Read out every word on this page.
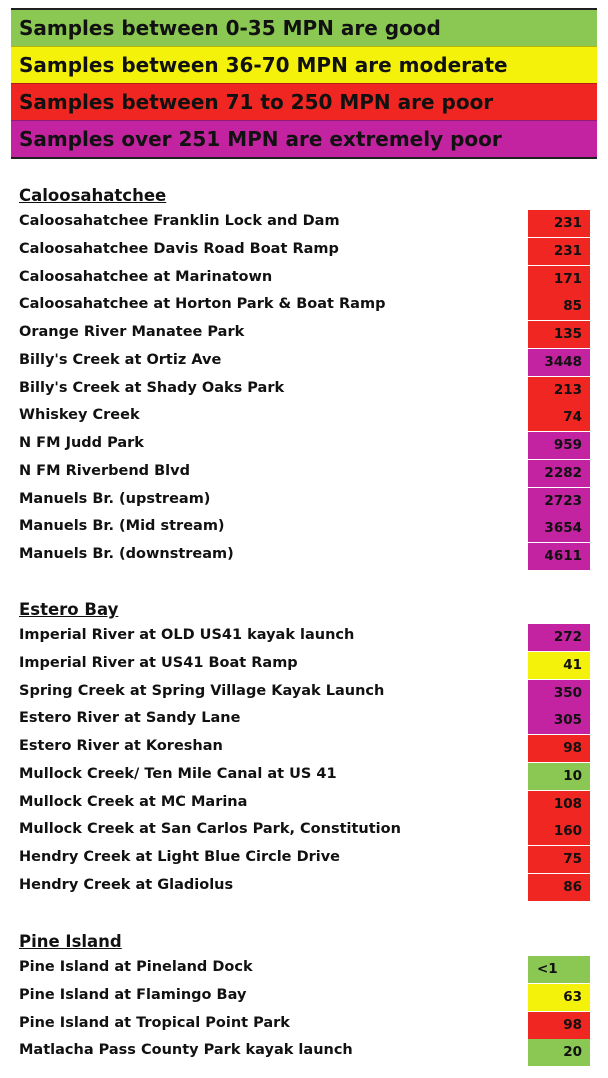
Samples between 0-35 MPN are good
Samples between 36-70 MPN are moderate
Samples between 71 to 250 MPN are poor
Samples over 251 MPN are extremely poor
Caloosahatchee
Caloosahatchee Franklin Lock and Dam	231
Caloosahatchee Davis Road Boat Ramp	231
Caloosahatchee at Marinatown	171
Caloosahatchee at Horton Park & Boat Ramp	85
Orange River Manatee Park	135
Billy's Creek at Ortiz Ave	3448
Billy's Creek at Shady Oaks Park	213
Whiskey Creek	74
N FM Judd Park	959
N FM Riverbend Blvd	2282
Manuels Br. (upstream)	2723
Manuels Br. (Mid stream)	3654
Manuels Br. (downstream)	4611
Estero Bay
Imperial River at OLD US41 kayak launch	272
Imperial River at US41 Boat Ramp	41
Spring Creek at Spring Village Kayak Launch	350
Estero River at Sandy Lane	305
Estero River at Koreshan	98
Mullock Creek/ Ten Mile Canal at US 41	10
Mullock Creek at MC Marina	108
Mullock Creek at San Carlos Park, Constitution	160
Hendry Creek at Light Blue Circle Drive	75
Hendry Creek at Gladiolus	86
Pine Island
Pine Island at Pineland Dock	<1
Pine Island at Flamingo Bay	63
Pine Island at Tropical Point Park	98
Matlacha Pass County Park kayak launch	20
